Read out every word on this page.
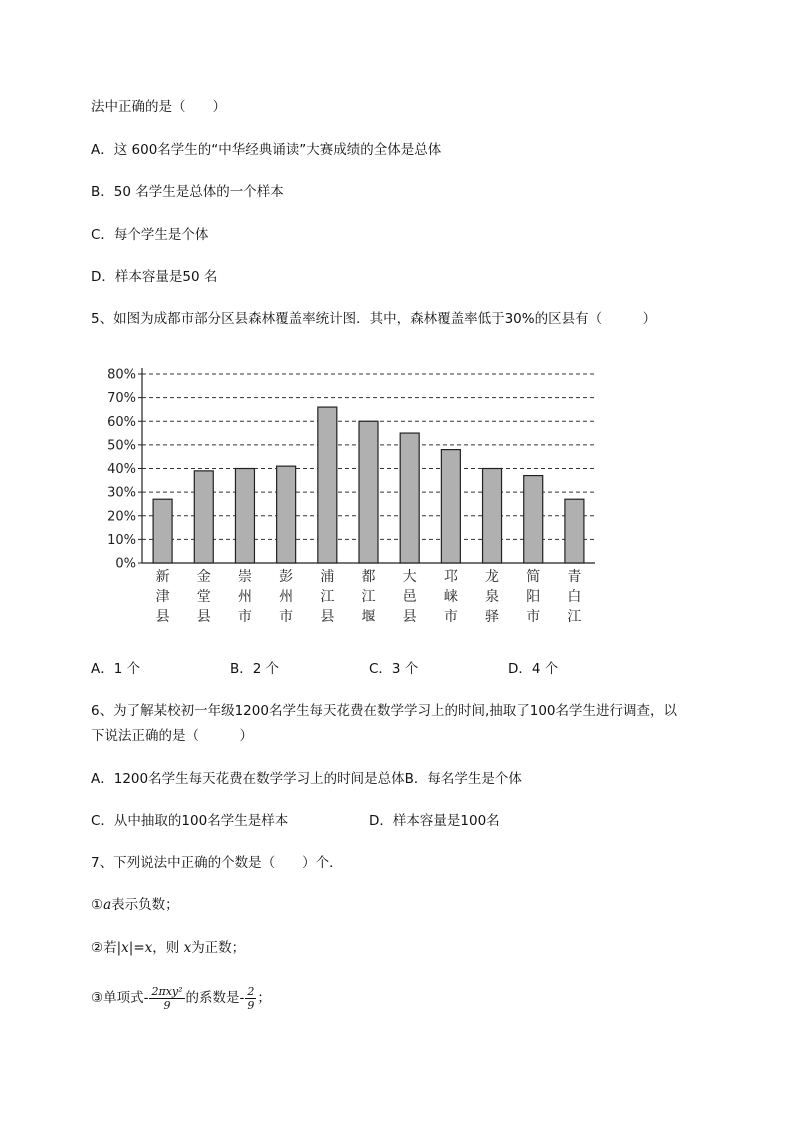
法中正确的是（　　）
A．这 600名学生的“中华经典诵读”大赛成绩的全体是总体
B．50 名学生是总体的一个样本
C．每个学生是个体
D．样本容量是50 名
5、如图为成都市部分区县森林覆盖率统计图．其中，森林覆盖率低于30%的区县有（　　　）
0%
10%
20%
30%
40%
50%
60%
70%
80%
新
津
县
金
堂
县
崇
州
市
彭
州
市
浦
江
县
都
江
堰
大
邑
县
邛
崃
市
龙
泉
驿
简
阳
市
青
白
江
A．1 个	B．2 个	C．3 个	D．4 个
6、为了解某校初一年级1200名学生每天花费在数学学习上的时间,抽取了100名学生进行调查，以
下说法正确的是（　　　）
A．1200名学生每天花费在数学学习上的时间是总体B．每名学生是个体
C．从中抽取的100名学生是样本	D．样本容量是100名
7、下列说法中正确的个数是（　　）个．
①a表示负数；
②若|x|=x，则 x为正数；
③单项式- $\frac{\text{2πxy²}}{9}$ 的系数是- $\frac{2}{9}$ ；
